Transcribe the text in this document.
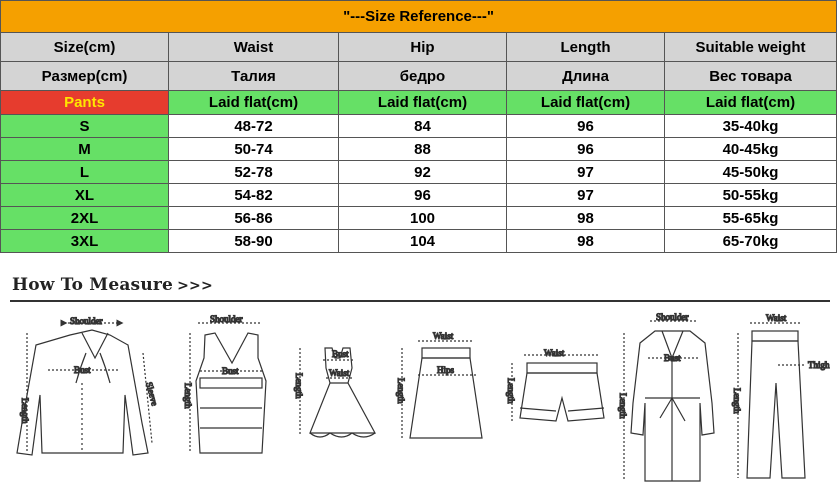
"---Size Reference---"				
Size(cm)	Waist	Hip	Length	Suitable weight
Размер(cm)	Талия	бедро	Длина	Вес товара
Pants	Laid flat(cm)	Laid flat(cm)	Laid flat(cm)	Laid flat(cm)
S	48-72	84	96	35-40kg
M	50-74	88	96	40-45kg
L	52-78	92	97	45-50kg
XL	54-82	96	97	50-55kg
2XL	56-86	100	98	55-65kg
3XL	58-90	104	98	65-70kg
How To Measure >>>
Shoulder
Bust
Length
Sleeve
Shoulder
Bust
Length
Bust
Waist
Length
Waist
Hips
Length
Waist
Length
Shoulder
Bust
Length
Waist
Thigh
Length
